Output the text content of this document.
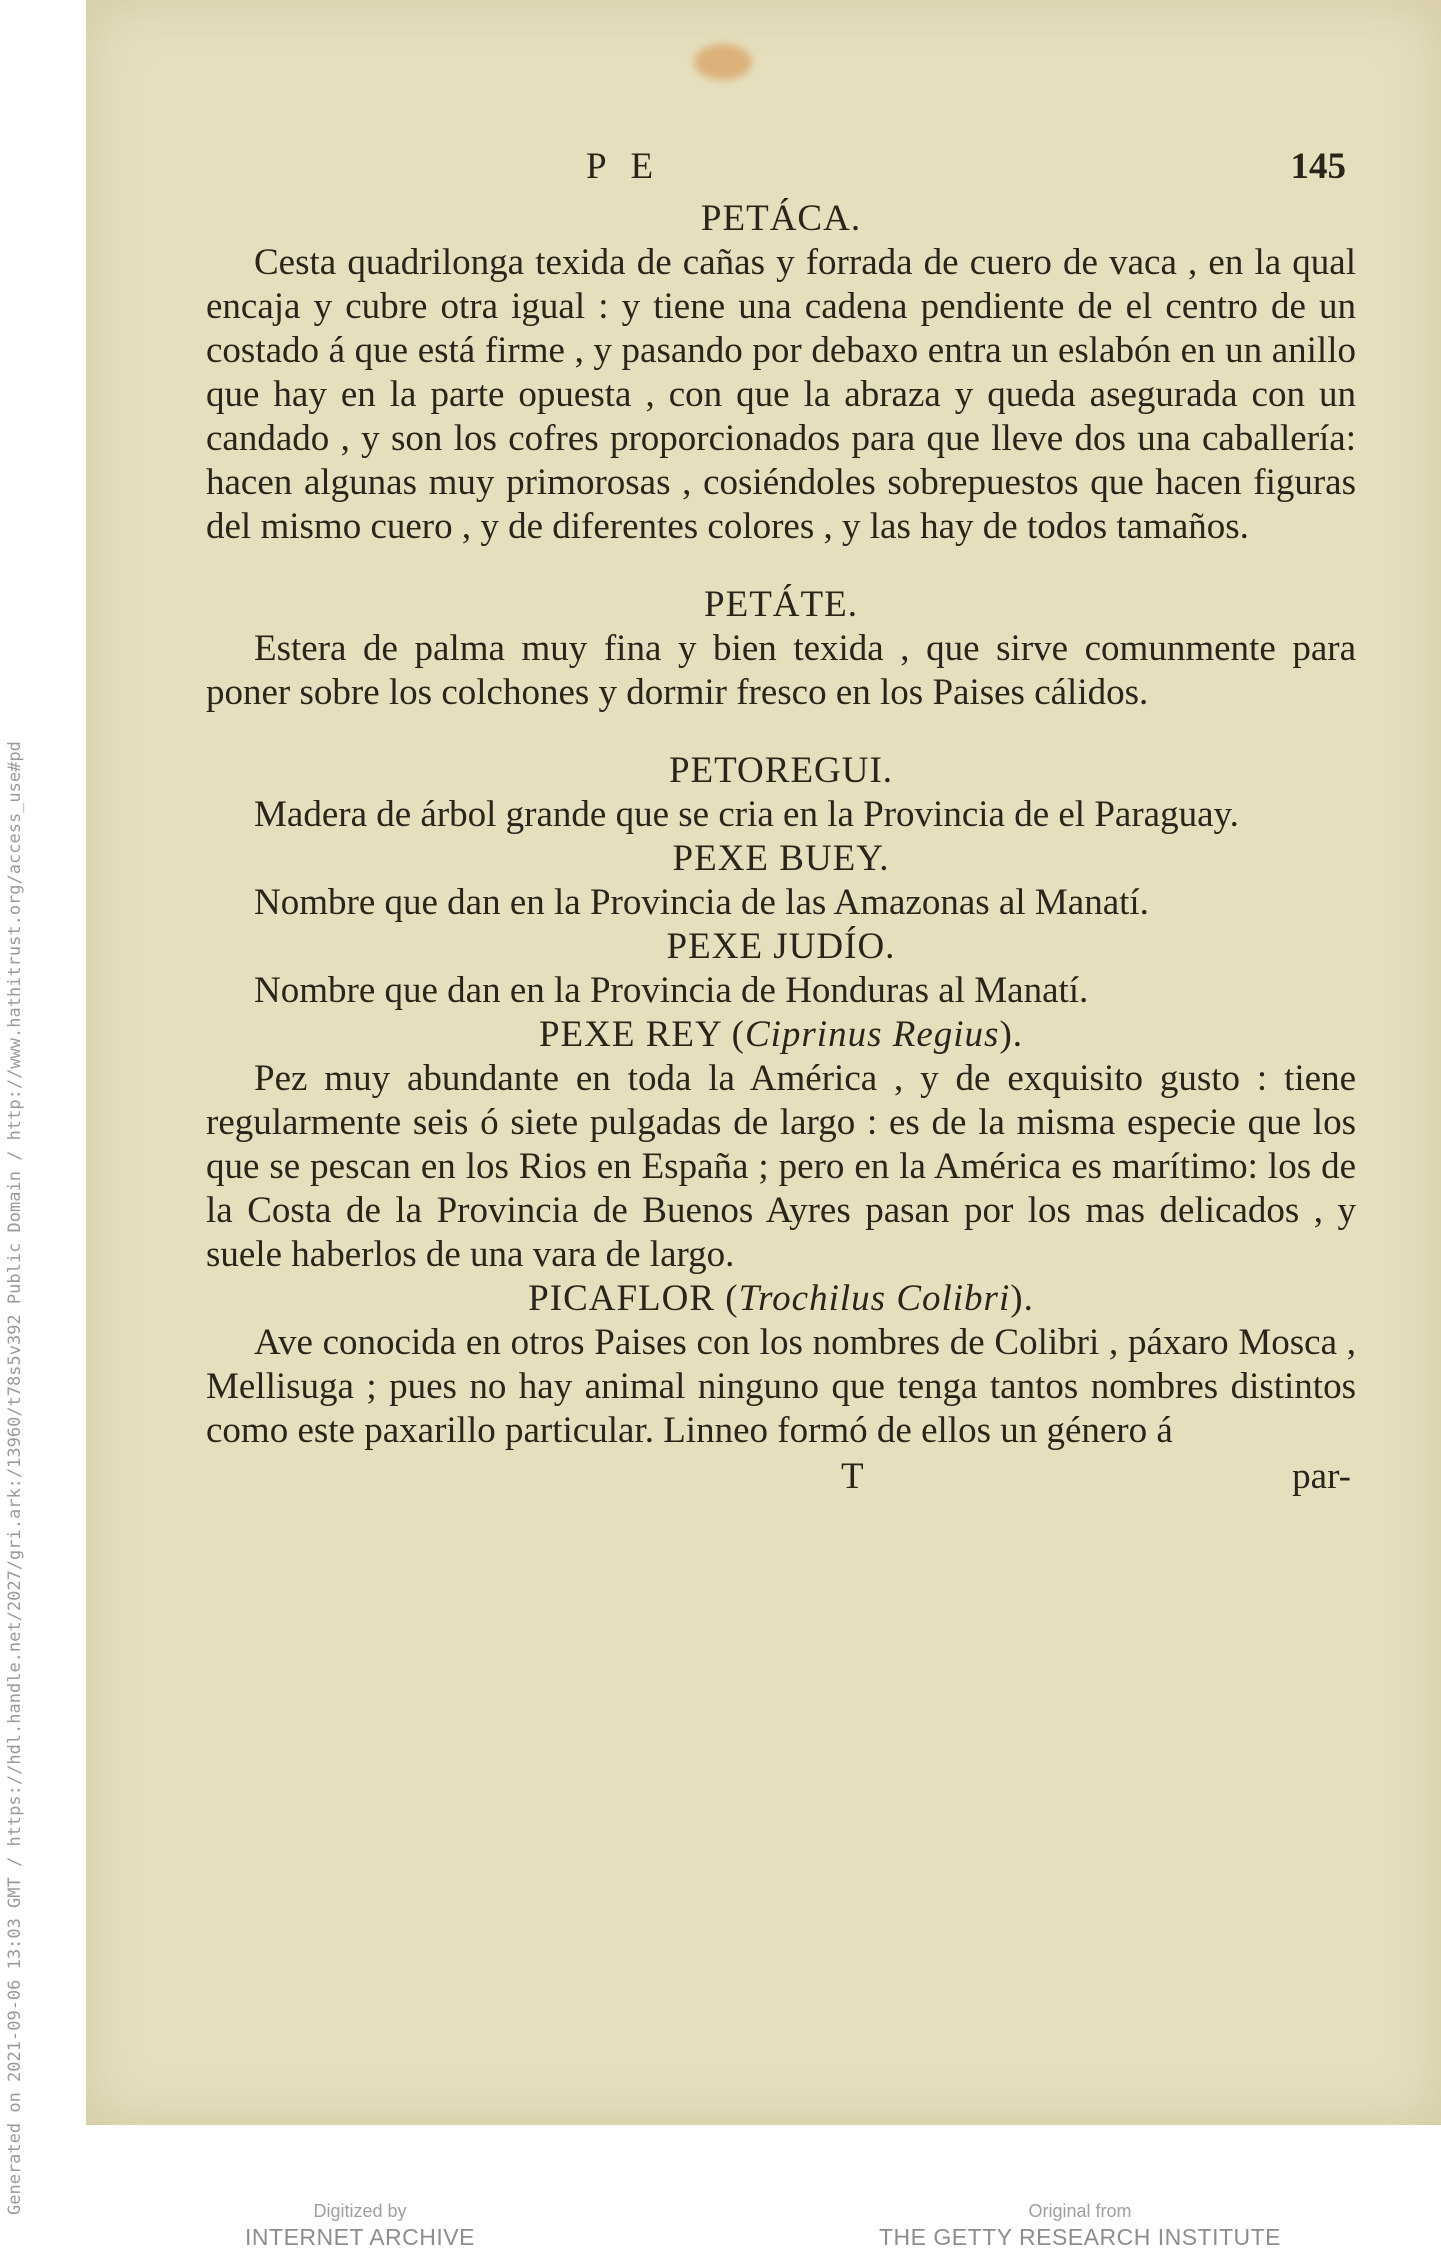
P E	145
PETÁCA.
Cesta quadrilonga texida de cañas y forrada de cuero de vaca , en la qual encaja y cubre otra igual : y tiene una cadena pendiente de el centro de un costado á que está firme , y pasando por debaxo entra un eslabón en un anillo que hay en la parte opuesta , con que la abraza y queda asegurada con un candado , y son los cofres proporcionados para que lleve dos una caballería: hacen algunas muy primorosas , cosiéndoles sobrepuestos que hacen figuras del mismo cuero , y de diferentes colores , y las hay de todos tamaños.
PETÁTE.
Estera de palma muy fina y bien texida , que sirve comunmente para poner sobre los colchones y dormir fresco en los Paises cálidos.
PETOREGUI.
Madera de árbol grande que se cria en la Provincia de el Paraguay.
PEXE BUEY.
Nombre que dan en la Provincia de las Amazonas al Manatí.
PEXE JUDÍO.
Nombre que dan en la Provincia de Honduras al Manatí.
PEXE REY (Ciprinus Regius).
Pez muy abundante en toda la América , y de exquisito gusto : tiene regularmente seis ó siete pulgadas de largo : es de la misma especie que los que se pescan en los Rios en España ; pero en la América es marítimo: los de la Costa de la Provincia de Buenos Ayres pasan por los mas delicados , y suele haberlos de una vara de largo.
PICAFLOR (Trochilus Colibri).
Ave conocida en otros Paises con los nombres de Colibri , páxaro Mosca , Mellisuga ; pues no hay animal ninguno que tenga tantos nombres distintos como este paxarillo particular. Linneo formó de ellos un género á
T	par-
Generated on 2021-09-06 13:03 GMT / https://hdl.handle.net/2027/gri.ark:/13960/t78s5v392 Public Domain / http://www.hathitrust.org/access_use#pd	Digitized by
INTERNET ARCHIVE
Original from
THE GETTY RESEARCH INSTITUTE
